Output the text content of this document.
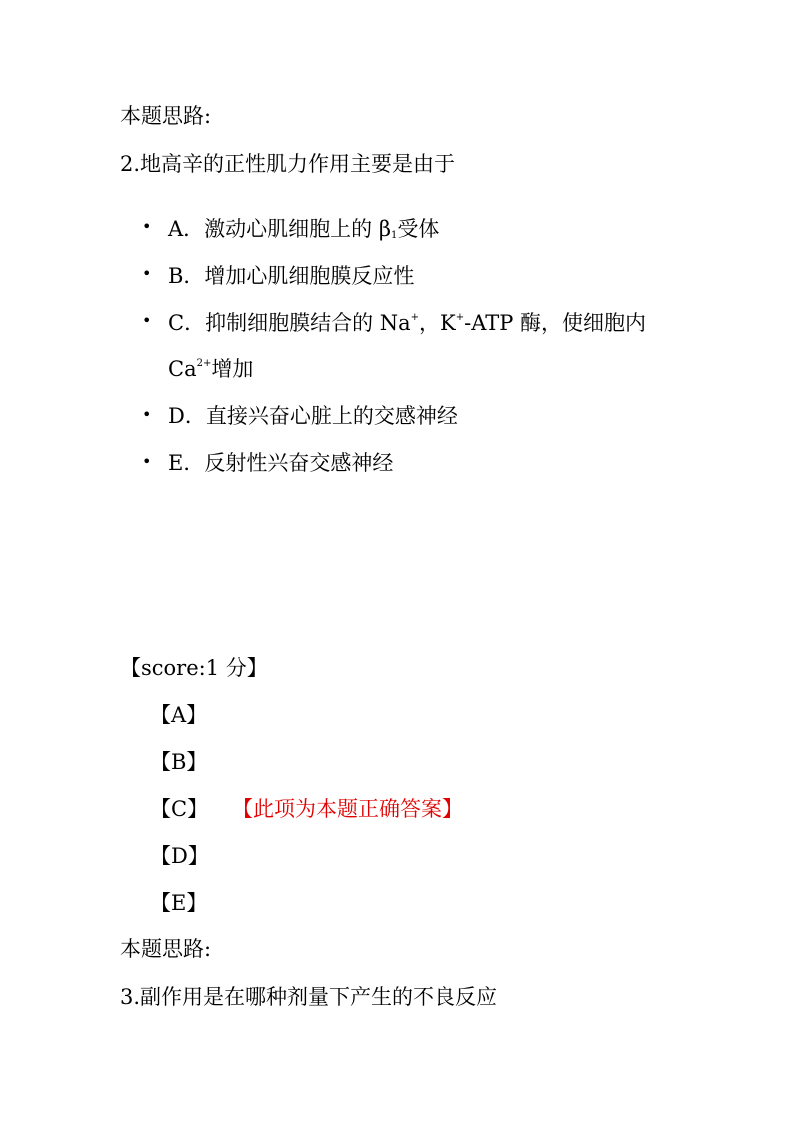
本题思路:
2.地高辛的正性肌力作用主要是由于
• A．激动心肌细胞上的 $\beta_1$受体
• B．增加心肌细胞膜反应性
• C．抑制细胞膜结合的 Na+，K+-ATP 酶，使细胞内
$Ca^{2+}$增加
• D．直接兴奋心脏上的交感神经
• E．反射性兴奋交感神经
【score:1 分】
【A】
【B】
【C】 【此项为本题正确答案】
【D】
【E】
本题思路:
3.副作用是在哪种剂量下产生的不良反应
